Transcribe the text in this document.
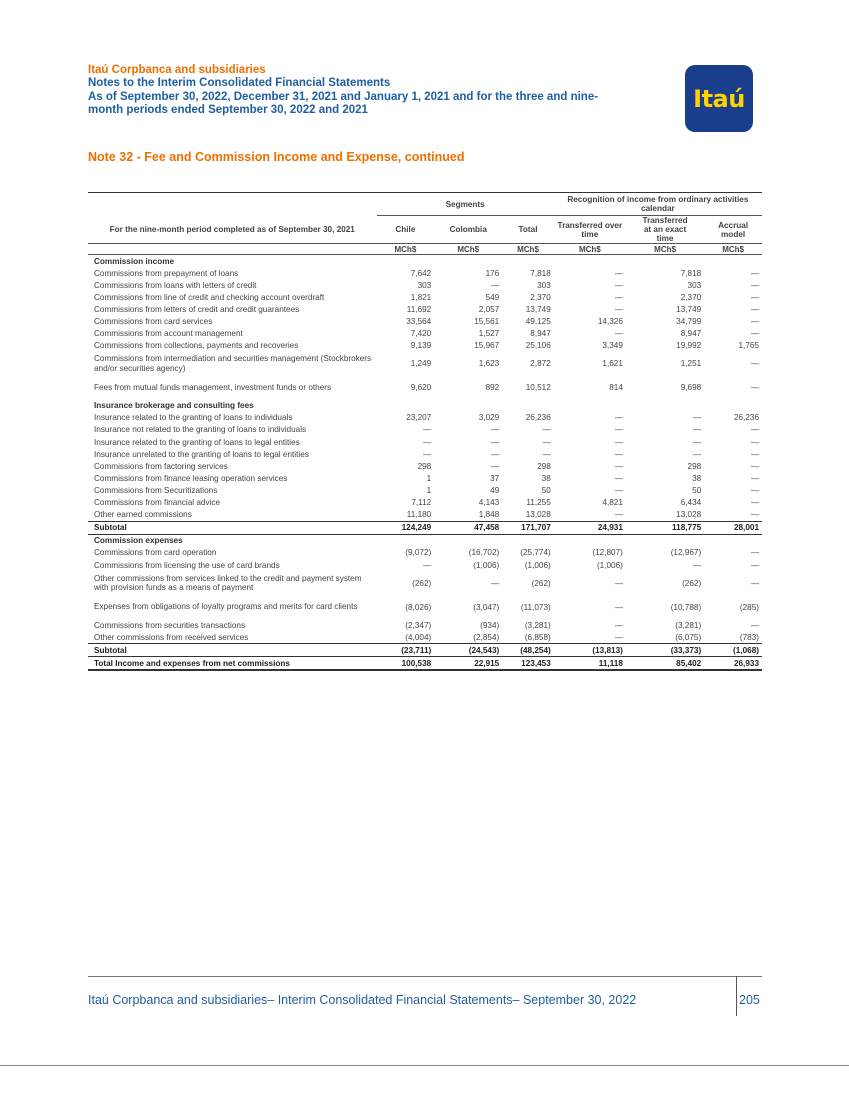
Itaú Corpbanca and subsidiaries
Notes to the Interim Consolidated Financial Statements
As of September 30, 2022, December 31, 2021 and January 1, 2021 and for the three and nine-
month periods ended September 30, 2022 and 2021	Itaú
Note 32 - Fee and Commission Income and Expense, continued
	Segments			Recognition of income from ordinary activities calendar		
For the nine-month period completed as of September 30, 2021	Chile	Colombia	Total	Transferred over time	Transferred at an exact time	Accrual model
	MCh$	MCh$	MCh$	MCh$	MCh$	MCh$
Commission income						
Commissions from prepayment of loans	7,642	176	7,818	—	7,818	—
Commissions from loans with letters of credit	303	—	303	—	303	—
Commissions from line of credit and checking account overdraft	1,821	549	2,370	—	2,370	—
Commissions from letters of credit and credit guarantees	11,692	2,057	13,749	—	13,749	—
Commissions from card services	33,564	15,561	49,125	14,326	34,799	—
Commissions from account management	7,420	1,527	8,947	—	8,947	—
Commissions from collections, payments and recoveries	9,139	15,967	25,106	3,349	19,992	1,765
Commissions from intermediation and securities management (Stockbrokers and/or securities agency)	1,249	1,623	2,872	1,621	1,251	—
Fees from mutual funds management, investment funds or others	9,620	892	10,512	814	9,698	—
Insurance brokerage and consulting fees						
Insurance related to the granting of loans to individuals	23,207	3,029	26,236	—	—	26,236
Insurance not related to the granting of loans to individuals	—	—	—	—	—	—
Insurance related to the granting of loans to legal entities	—	—	—	—	—	—
Insurance unrelated to the granting of loans to legal entities	—	—	—	—	—	—
Commissions from factoring services	298	—	298	—	298	—
Commissions from finance leasing operation services	1	37	38	—	38	—
Commissions from Securitizations	1	49	50	—	50	—
Commissions from financial advice	7,112	4,143	11,255	4,821	6,434	—
Other earned commissions	11,180	1,848	13,028	—	13,028	—
Subtotal	124,249	47,458	171,707	24,931	118,775	28,001
Commission expenses						
Commissions from card operation	(9,072)	(16,702)	(25,774)	(12,807)	(12,967)	—
Commissions from licensing the use of card brands	—	(1,006)	(1,006)	(1,006)	—	—
Other commissions from services linked to the credit and payment system with provision funds as a means of payment	(262)	—	(262)	—	(262)	—
Expenses from obligations of loyalty programs and merits for card clients	(8,026)	(3,047)	(11,073)	—	(10,788)	(285)
Commissions from securities transactions	(2,347)	(934)	(3,281)	—	(3,281)	—
Other commissions from received services	(4,004)	(2,854)	(6,858)	—	(6,075)	(783)
Subtotal	(23,711)	(24,543)	(48,254)	(13,813)	(33,373)	(1,068)
Total Income and expenses from net commissions	100,538	22,915	123,453	11,118	85,402	26,933
Itaú Corpbanca and subsidiaries– Interim Consolidated Financial Statements– September 30, 2022	205
